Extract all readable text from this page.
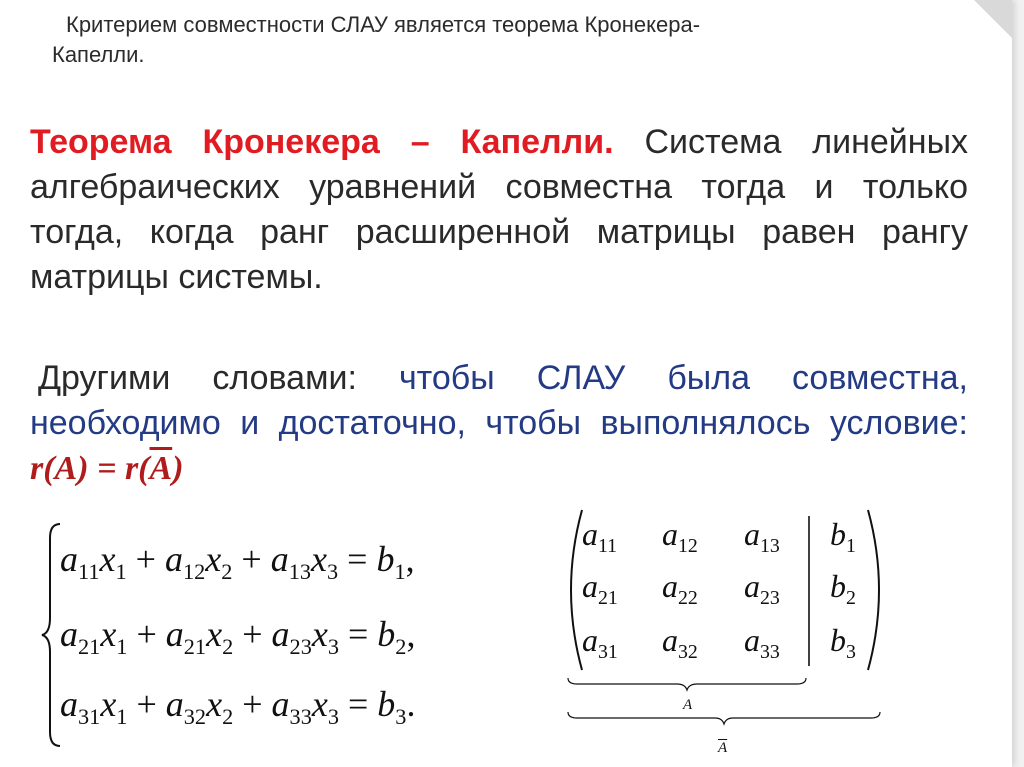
Критерием совместности СЛАУ является теорема Кронекера-
Капелли.
Теорема Кронекера – Капелли. Система линейных алгебраических уравнений совместна тогда и только тогда, когда ранг расширенной матрицы равен рангу матрицы системы.
Другими словами: чтобы СЛАУ была совместна, необходимо и достаточно, чтобы выполнялось условие: $r(A) = r(\overline{A})$
$a_{11}x_1 + a_{12}x_2 + a_{13}x_3 = b_1$,
$a_{21}x_1 + a_{21}x_2 + a_{23}x_3 = b_2$,
$a_{31}x_1 + a_{32}x_2 + a_{33}x_3 = b_3$.
$a_{11}$ $a_{12}$ $a_{13}$ $b_1$
$a_{21}$ $a_{22}$ $a_{23}$ $b_2$
$a_{31}$ $a_{32}$ $a_{33}$ $b_3$
A
$\overline{A}$
